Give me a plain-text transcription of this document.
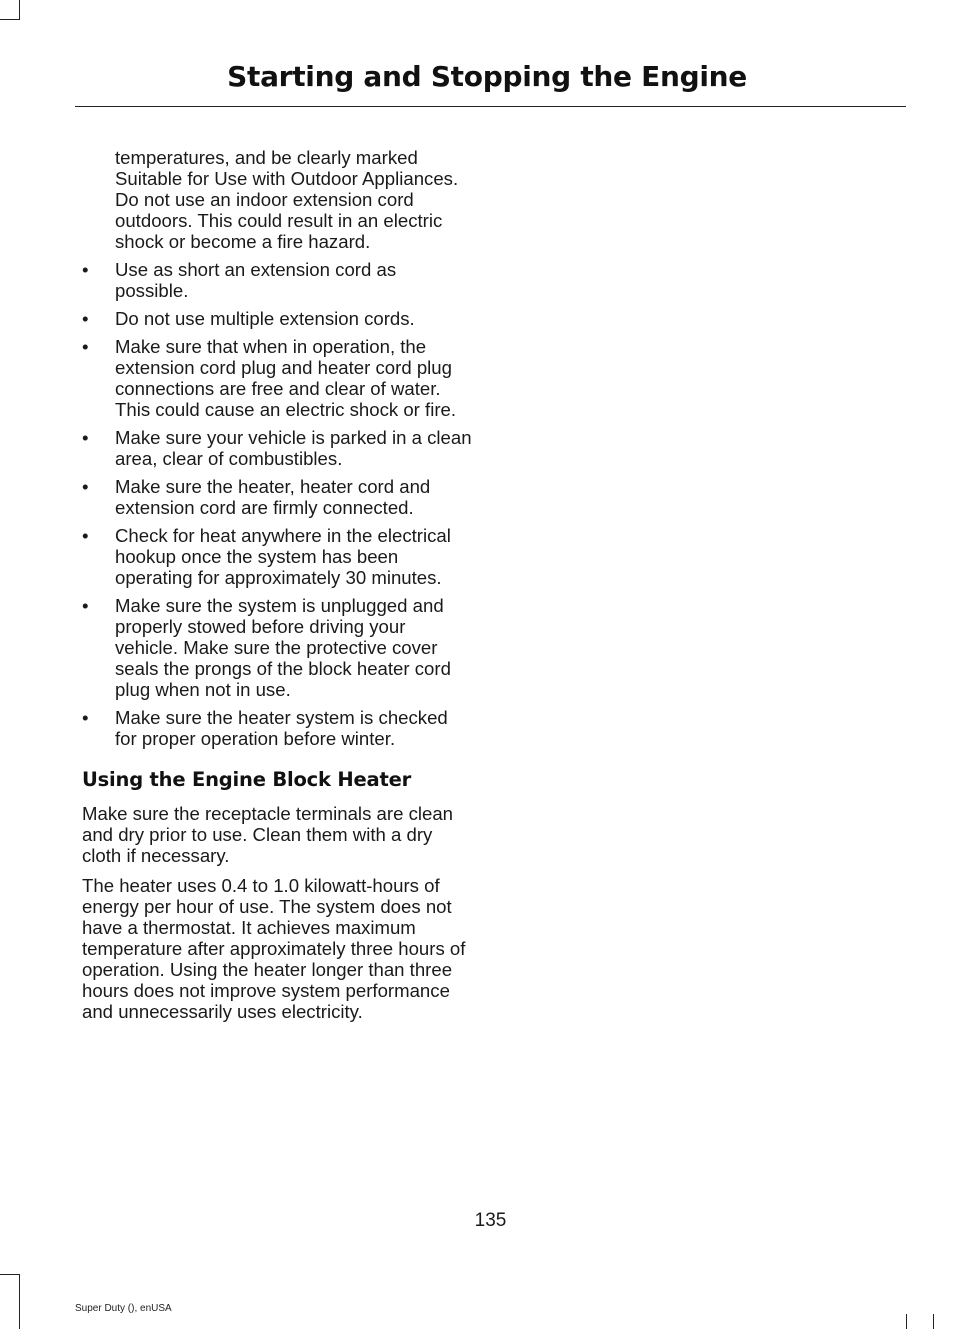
Starting and Stopping the Engine

temperatures, and be clearly marked Suitable for Use with Outdoor Appliances. Do not use an indoor extension cord outdoors. This could result in an electric shock or become a fire hazard.

• Use as short an extension cord as possible.
• Do not use multiple extension cords.
• Make sure that when in operation, the extension cord plug and heater cord plug connections are free and clear of water. This could cause an electric shock or fire.
• Make sure your vehicle is parked in a clean area, clear of combustibles.
• Make sure the heater, heater cord and extension cord are firmly connected.
• Check for heat anywhere in the electrical hookup once the system has been operating for approximately 30 minutes.
• Make sure the system is unplugged and properly stowed before driving your vehicle. Make sure the protective cover seals the prongs of the block heater cord plug when not in use.
• Make sure the heater system is checked for proper operation before winter.
Using the Engine Block Heater

Make sure the receptacle terminals are clean and dry prior to use. Clean them with a dry cloth if necessary.

The heater uses 0.4 to 1.0 kilowatt-hours of energy per hour of use. The system does not have a thermostat. It achieves maximum temperature after approximately three hours of operation. Using the heater longer than three hours does not improve system performance and unnecessarily uses electricity.

135

Super Duty (), enUSA
